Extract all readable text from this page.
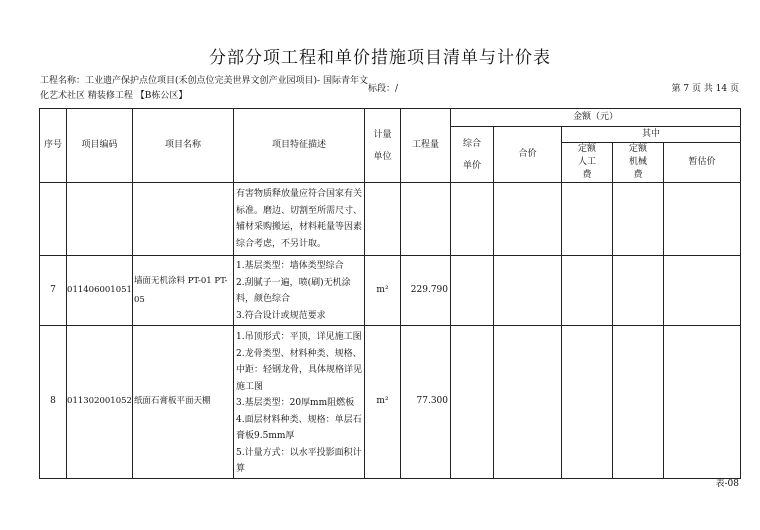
分部分项工程和单价措施项目清单与计价表
工程名称：工业遗产保护点位项目(禾创点位完美世界文创产业园项目)- 国际青年文化艺术社区 精装修工程 【B栋公区】
标段：/	第 7 页 共 14 页
序号	项目编码	项目名称	项目特征描述	计量单位	工程量	金额（元）				
						综合单价	合价	其中		
								定额人工费	定额机械费	暂估价
			有害物质释放量应符合国家有关标准。磨边、切割至所需尺寸、辅材采购搬运，材料耗量等因素综合考虑，不另计取。							
7	011406001051	墙面无机涂料 PT-01 PT-05	1.基层类型：墙体类型综合
2.刮腻子一遍，喷(刷)无机涂料，颜色综合
3.符合设计或规范要求	m²	229.790					
8	011302001052	纸面石膏板平面天棚	1.吊顶形式：平顶，详见施工图
2.龙骨类型、材料种类、规格、中距：轻钢龙骨，具体规格详见施工图
3.基层类型：20厚mm阻燃板
4.面层材料种类、规格：单层石膏板9.5mm厚
5.计量方式：以水平投影面积计算	m²	77.300					
表-08
